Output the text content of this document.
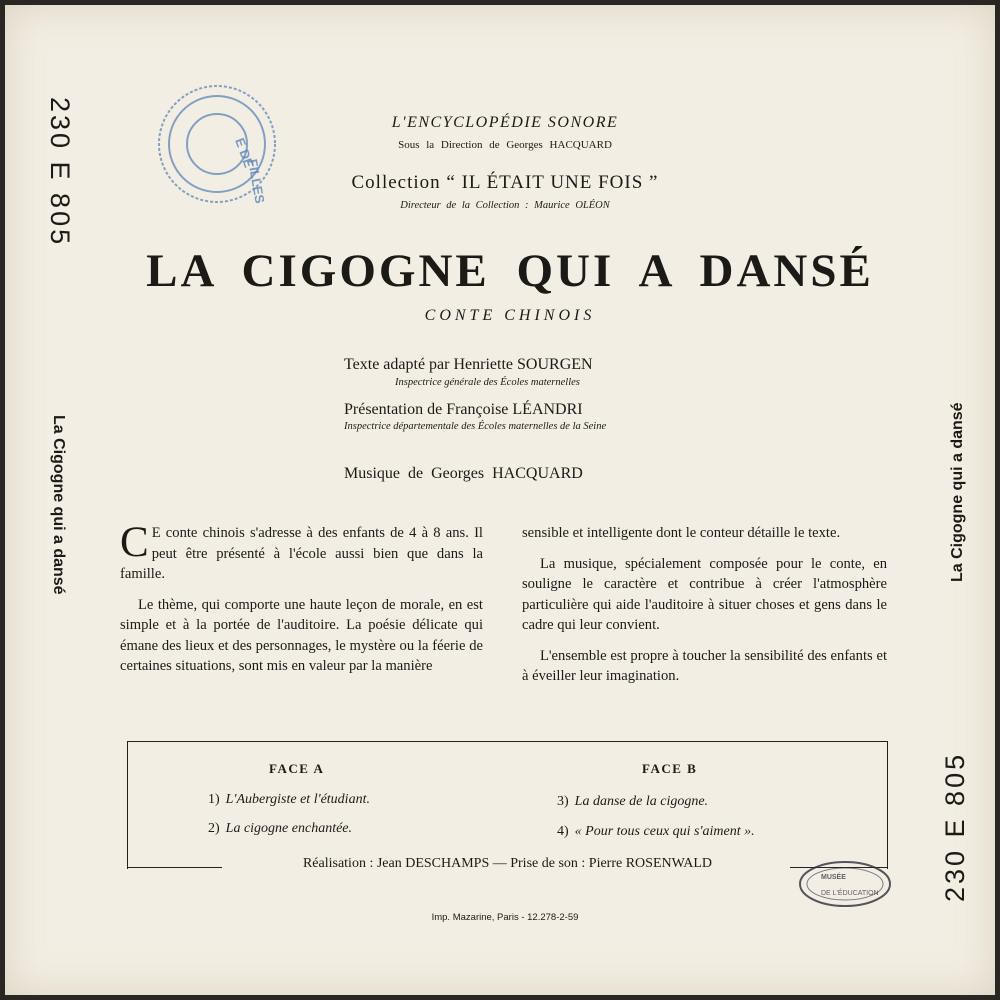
230 E 805
La Cigogne qui a dansé	La Cigogne qui a dansé
230 E 805
E DE
FILLES
L'ENCYCLOPÉDIE SONORE
Sous la Direction de Georges HACQUARD
Collection “ IL ÉTAIT UNE FOIS ”
Directeur de la Collection : Maurice OLÉON
LA CIGOGNE QUI A DANSÉ
CONTE CHINOIS
Texte adapté par Henriette SOURGEN
Inspectrice générale des Écoles maternelles
Présentation de Françoise LÉANDRI
Inspectrice départementale des Écoles maternelles de la Seine
Musique de Georges HACQUARD

C E conte chinois s'adresse à des enfants de 4 à 8 ans. Il peut être présenté à l'école aussi bien que dans la famille.

Le thème, qui comporte une haute leçon de morale, en est simple et à la portée de l'auditoire. La poésie délicate qui émane des lieux et des personnages, le mystère ou la féerie de certaines situations, sont mis en valeur par la manière

sensible et intelligente dont le conteur détaille le texte.

La musique, spécialement composée pour le conte, en souligne le caractère et contribue à créer l'atmosphère particulière qui aide l'auditoire à situer choses et gens dans le cadre qui leur convient.

L'ensemble est propre à toucher la sensibilité des enfants et à éveiller leur imagination.

FACE A	FACE B
1) L'Aubergiste et l'étudiant.
2) La cigogne enchantée.
3) La danse de la cigogne.
4) « Pour tous ceux qui s'aiment ».
Réalisation : Jean DESCHAMPS — Prise de son : Pierre ROSENWALD
MUSÉE
DE L'ÉDUCATION
Imp. Mazarine, Paris - 12.278-2-59
